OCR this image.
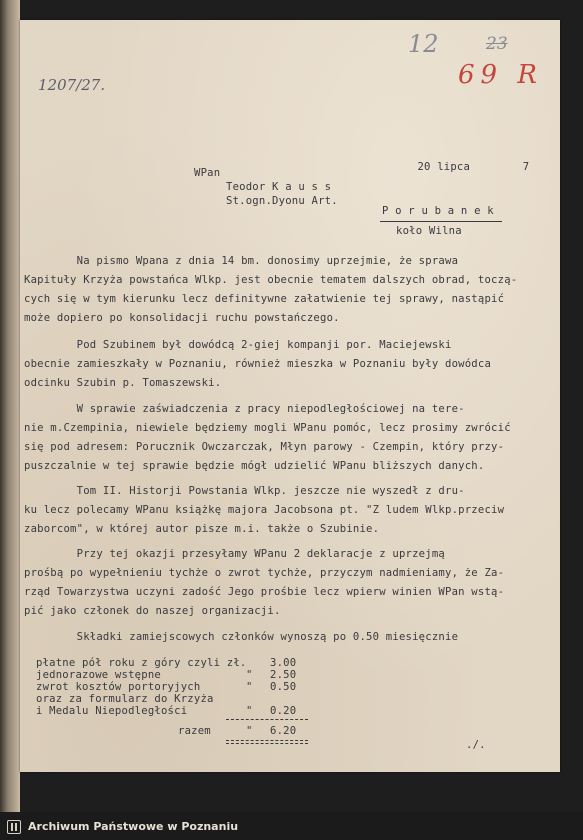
1207/27.
12	23
69 R

20 lipca	7

WPan
Teodor K a u s s
St.ogn.Dyonu Art.
P o r u b a n e k
koło Wilna
Na pismo Wpana z dnia 14 bm. donosimy uprzejmie, że sprawa
Kapituły Krzyża powstańca Wlkp. jest obecnie tematem dalszych obrad, toczą-
cych się w tym kierunku lecz definitywne załatwienie tej sprawy, nastąpić
może dopiero po konsolidacji ruchu powstańczego.
Pod Szubinem był dowódcą 2-giej kompanji por. Maciejewski
obecnie zamieszkały w Poznaniu, również mieszka w Poznaniu były dowódca
odcinku Szubin p. Tomaszewski.
W sprawie zaświadczenia z pracy niepodległościowej na tere-
nie m.Czempinia, niewiele będziemy mogli WPanu pomóc, lecz prosimy zwrócić
się pod adresem: Porucznik Owczarczak, Młyn parowy - Czempin, który przy-
puszczalnie w tej sprawie będzie mógł udzielić WPanu bliższych danych.
Tom II. Historji Powstania Wlkp. jeszcze nie wyszedł z dru-
ku lecz polecamy WPanu książkę majora Jacobsona pt. "Z ludem Wlkp.przeciw
zaborcom", w której autor pisze m.i. także o Szubinie.
Przy tej okazji przesyłamy WPanu 2 deklaracje z uprzejmą
prośbą po wypełnieniu tychże o zwrot tychże, przyczym nadmieniamy, że Za-
rząd Towarzystwa uczyni zadość Jego prośbie lecz wpierw winien WPan wstą-
pić jako członek do naszej organizacji.
Składki zamiejscowych członków wynoszą po 0.50 miesięcznie
płatne pół roku z góry czyli zł. 3.00
jednorazowe wstępne	" 2.50
zwrot kosztów portoryjych	" 0.50
oraz za formularz do Krzyża
i Medalu Niepodległości	" 0.20
razem	" 6.20
./.
Archiwum Państwowe w Poznaniu
